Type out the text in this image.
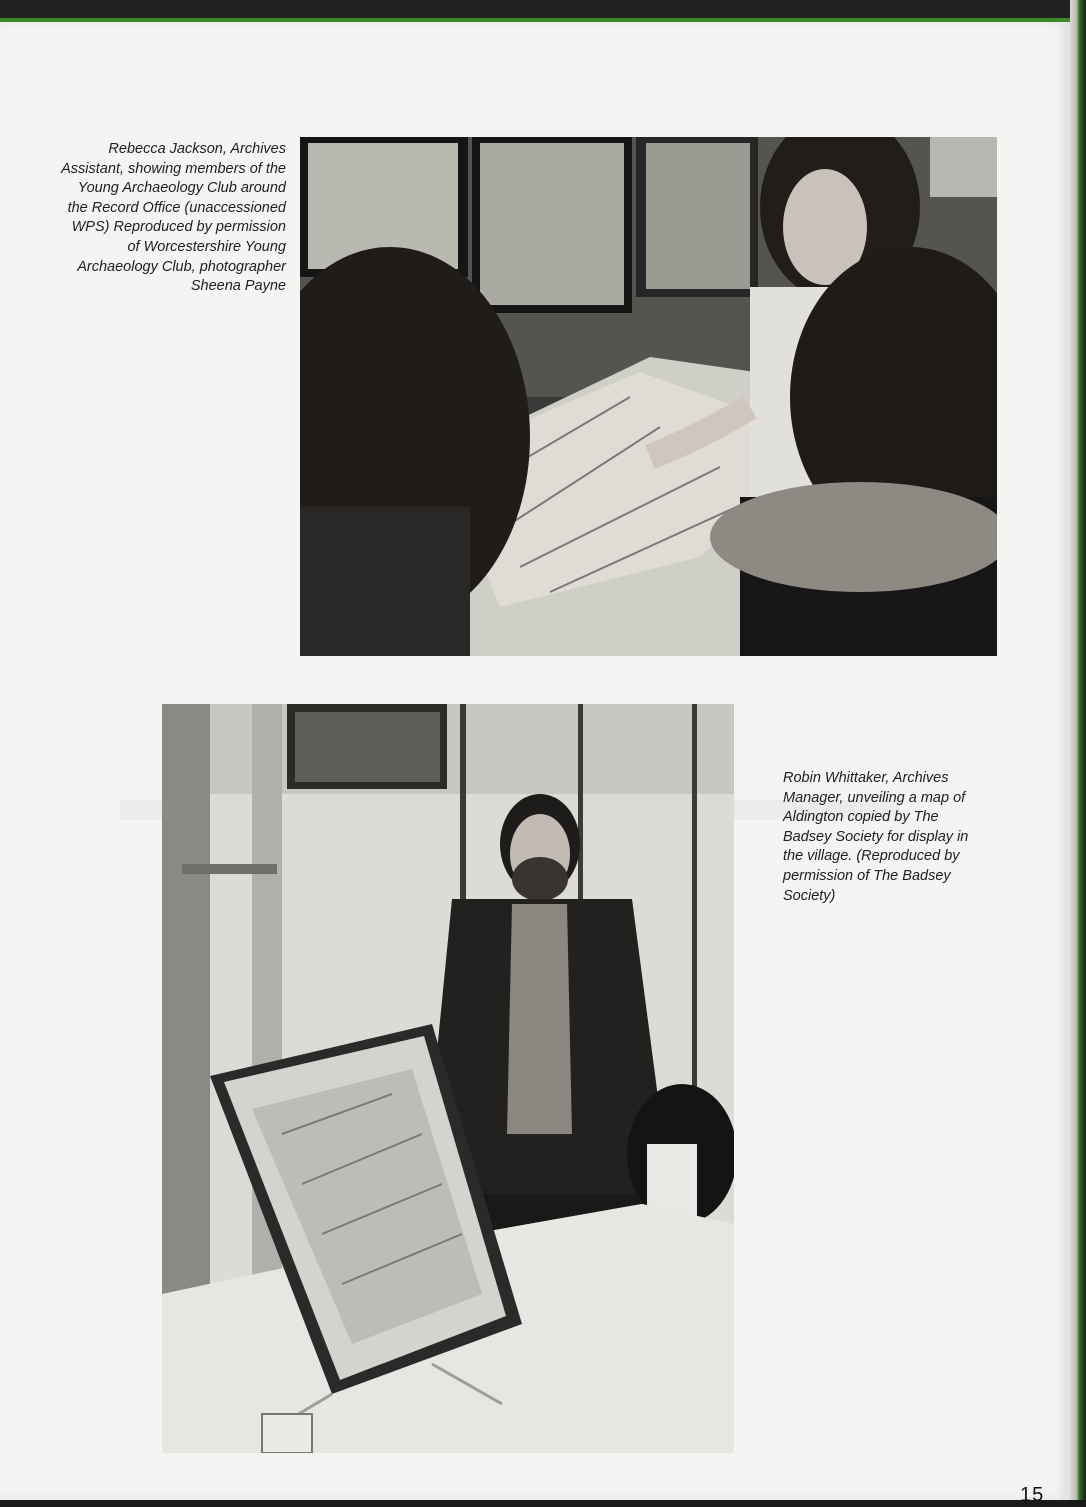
Rebecca Jackson, Archives Assistant, showing members of the Young Archaeology Club around the Record Office (unaccessioned WPS) Reproduced by permission of Worcestershire Young Archaeology Club, photographer Sheena Payne

Robin Whittaker, Archives Manager, unveiling a map of Aldington copied by The Badsey Society for display in the village. (Reproduced by permission of The Badsey Society)

15
